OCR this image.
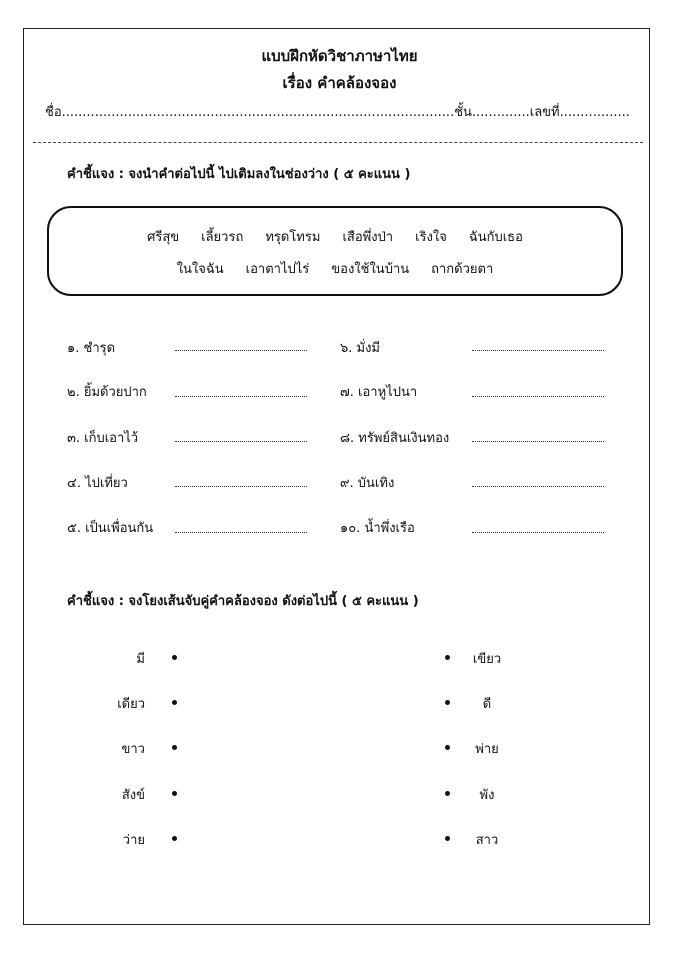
แบบฝึกหัดวิชาภาษาไทย
เรื่อง คำคล้องจอง
ชื่อ...............................................................................................ชั้น..............เลขที่.................
คำชี้แจง : จงนำคำต่อไปนี้ ไปเติมลงในช่องว่าง ( ๕ คะแนน )
ศรีสุข เลี้ยวรถ ทรุดโทรม เสือพึ่งป่า เริงใจ ฉันกับเธอ
ในใจฉัน เอาตาไปไร่ ของใช้ในบ้าน ถากด้วยตา
๑. ชำรุด	๖. มั่งมี
๒. ยิ้มด้วยปาก	๗. เอาหูไปนา
๓. เก็บเอาไว้	๘. ทรัพย์สินเงินทอง
๔. ไปเที่ยว	๙. บันเทิง
๕. เป็นเพื่อนกัน	๑๐. น้ำพึ่งเรือ
คำชี้แจง : จงโยงเส้นจับคู่คำคล้องจอง ดังต่อไปนี้ ( ๕ คะแนน )
มี
เดียว
ขาว
สังข์
ว่าย
เขียว
ดี
พ่าย
พัง
สาว
